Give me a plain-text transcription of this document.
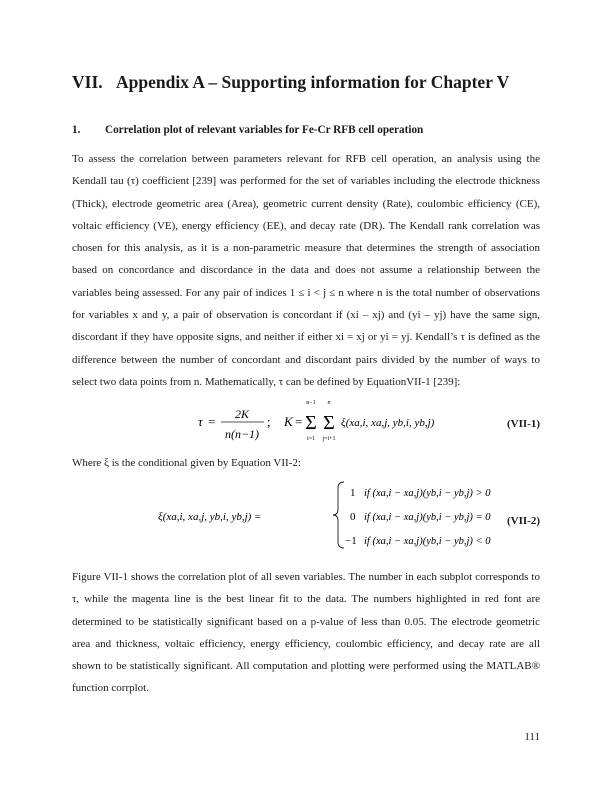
VII. Appendix A – Supporting information for Chapter V
1. Correlation plot of relevant variables for Fe-Cr RFB cell operation

To assess the correlation between parameters relevant for RFB cell operation, an analysis using the Kendall tau (τ) coefficient [239] was performed for the set of variables including the electrode thickness (Thick), electrode geometric area (Area), geometric current density (Rate), coulombic efficiency (CE), voltaic efficiency (VE), energy efficiency (EE), and decay rate (DR). The Kendall rank correlation was chosen for this analysis, as it is a non-parametric measure that determines the strength of association based on concordance and discordance in the data and does not assume a relationship between the variables being assessed. For any pair of indices 1 ≤ i < j ≤ n where n is the total number of observations for variables x and y, a pair of observation is concordant if (xi – xj) and (yi – yj) have the same sign, discordant if they have opposite signs, and neither if either xi = xj or yi = yj. Kendall’s τ is defined as the difference between the number of concordant and discordant pairs divided by the number of ways to select two data points from n. Mathematically, τ can be defined by EquationVII-1 [239]:

τ = 2K
n(n−1)
; K =
n−1
Σ
i=1
n
Σ
j=i+1
ξ(xa,i, xa,j, yb,i, yb,j)	(VII-1)

Where ξ is the conditional given by Equation VII-2:

ξ(xa,i, xa,j, yb,i, yb,j) =
1 if (xa,i − xa,j)(yb,i − yb,j) > 0
0 if (xa,i − xa,j)(yb,i − yb,j) = 0
−1 if (xa,i − xa,j)(yb,i − yb,j) < 0
(VII-2)

Figure VII-1 shows the correlation plot of all seven variables. The number in each subplot corresponds to τ, while the magenta line is the best linear fit to the data. The numbers highlighted in red font are determined to be statistically significant based on a p-value of less than 0.05. The electrode geometric area and thickness, voltaic efficiency, energy efficiency, coulombic efficiency, and decay rate are all shown to be statistically significant. All computation and plotting were performed using the MATLAB® function corrplot.

111
